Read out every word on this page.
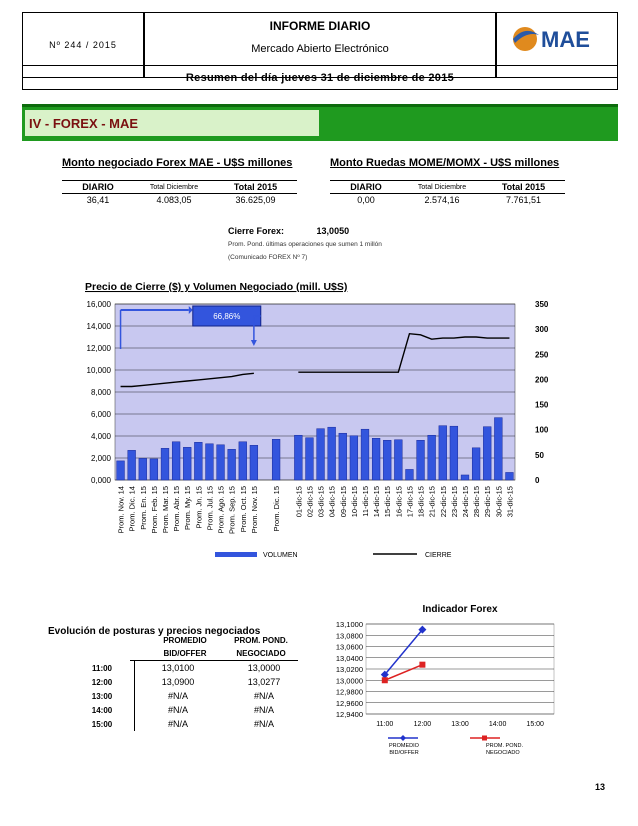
Nº 244 / 2015
INFORME DIARIO
Mercado Abierto Electrónico	MAE
Resumen del día jueves 31 de diciembre de 2015
IV - FOREX - MAE
Monto negociado Forex MAE - U$S millones
DIARIO	Total Diciembre	Total 2015
36,41	4.083,05	36.625,09
Monto Ruedas MOME/MOMX - U$S millones
DIARIO	Total Diciembre	Total 2015
0,00	2.574,16	7.761,51
Cierre Forex:	13,0050
Prom. Pond. últimas operaciones que sumen 1 millón
(Comunicado FOREX Nº 7)
Precio de Cierre ($) y Volumen Negociado (mill. U$S)
0,000
2,000
4,000
6,000
8,000
10,000
12,000
14,000
16,000
0
50
100
150
200
250
300
350
Prom. Nov. 14 Prom. Dic. 14 Prom. En. 15 Prom. Feb. 15 Prom. Mar. 15 Prom. Abr. 15 Prom. My. 15 Prom. Jn. 15 Prom. Jul. 15 Prom. Ago. 15 Prom. Sep. 15 Prom. Oct. 15 Prom. Nov. 15 Prom. Dic. 15 01-dic-15 02-dic-15 03-dic-15 04-dic-15 09-dic-15 10-dic-15 11-dic-15 14-dic-15 15-dic-15 16-dic-15 17-dic-15 18-dic-15 21-dic-15 22-dic-15 23-dic-15 24-dic-15 28-dic-15 29-dic-15 30-dic-15 31-dic-15
66,86%
VOLUMEN	CIERRE
Evolución de posturas y precios negociados
PROMEDIO
BID/OFFER
PROM. POND.
NEGOCIADO
11:00	13,0100	13,0000
12:00	13,0900	13,0277
13:00	#N/A	#N/A
14:00	#N/A	#N/A
15:00	#N/A	#N/A
Indicador Forex
12,9400
12,9600
12,9800
13,0000
13,0200
13,0400
13,0600
13,0800
13,1000
11:00	12:00	13:00	14:00	15:00
PROMEDIO
BID/OFFER
PROM. POND.
NEGOCIADO
13
